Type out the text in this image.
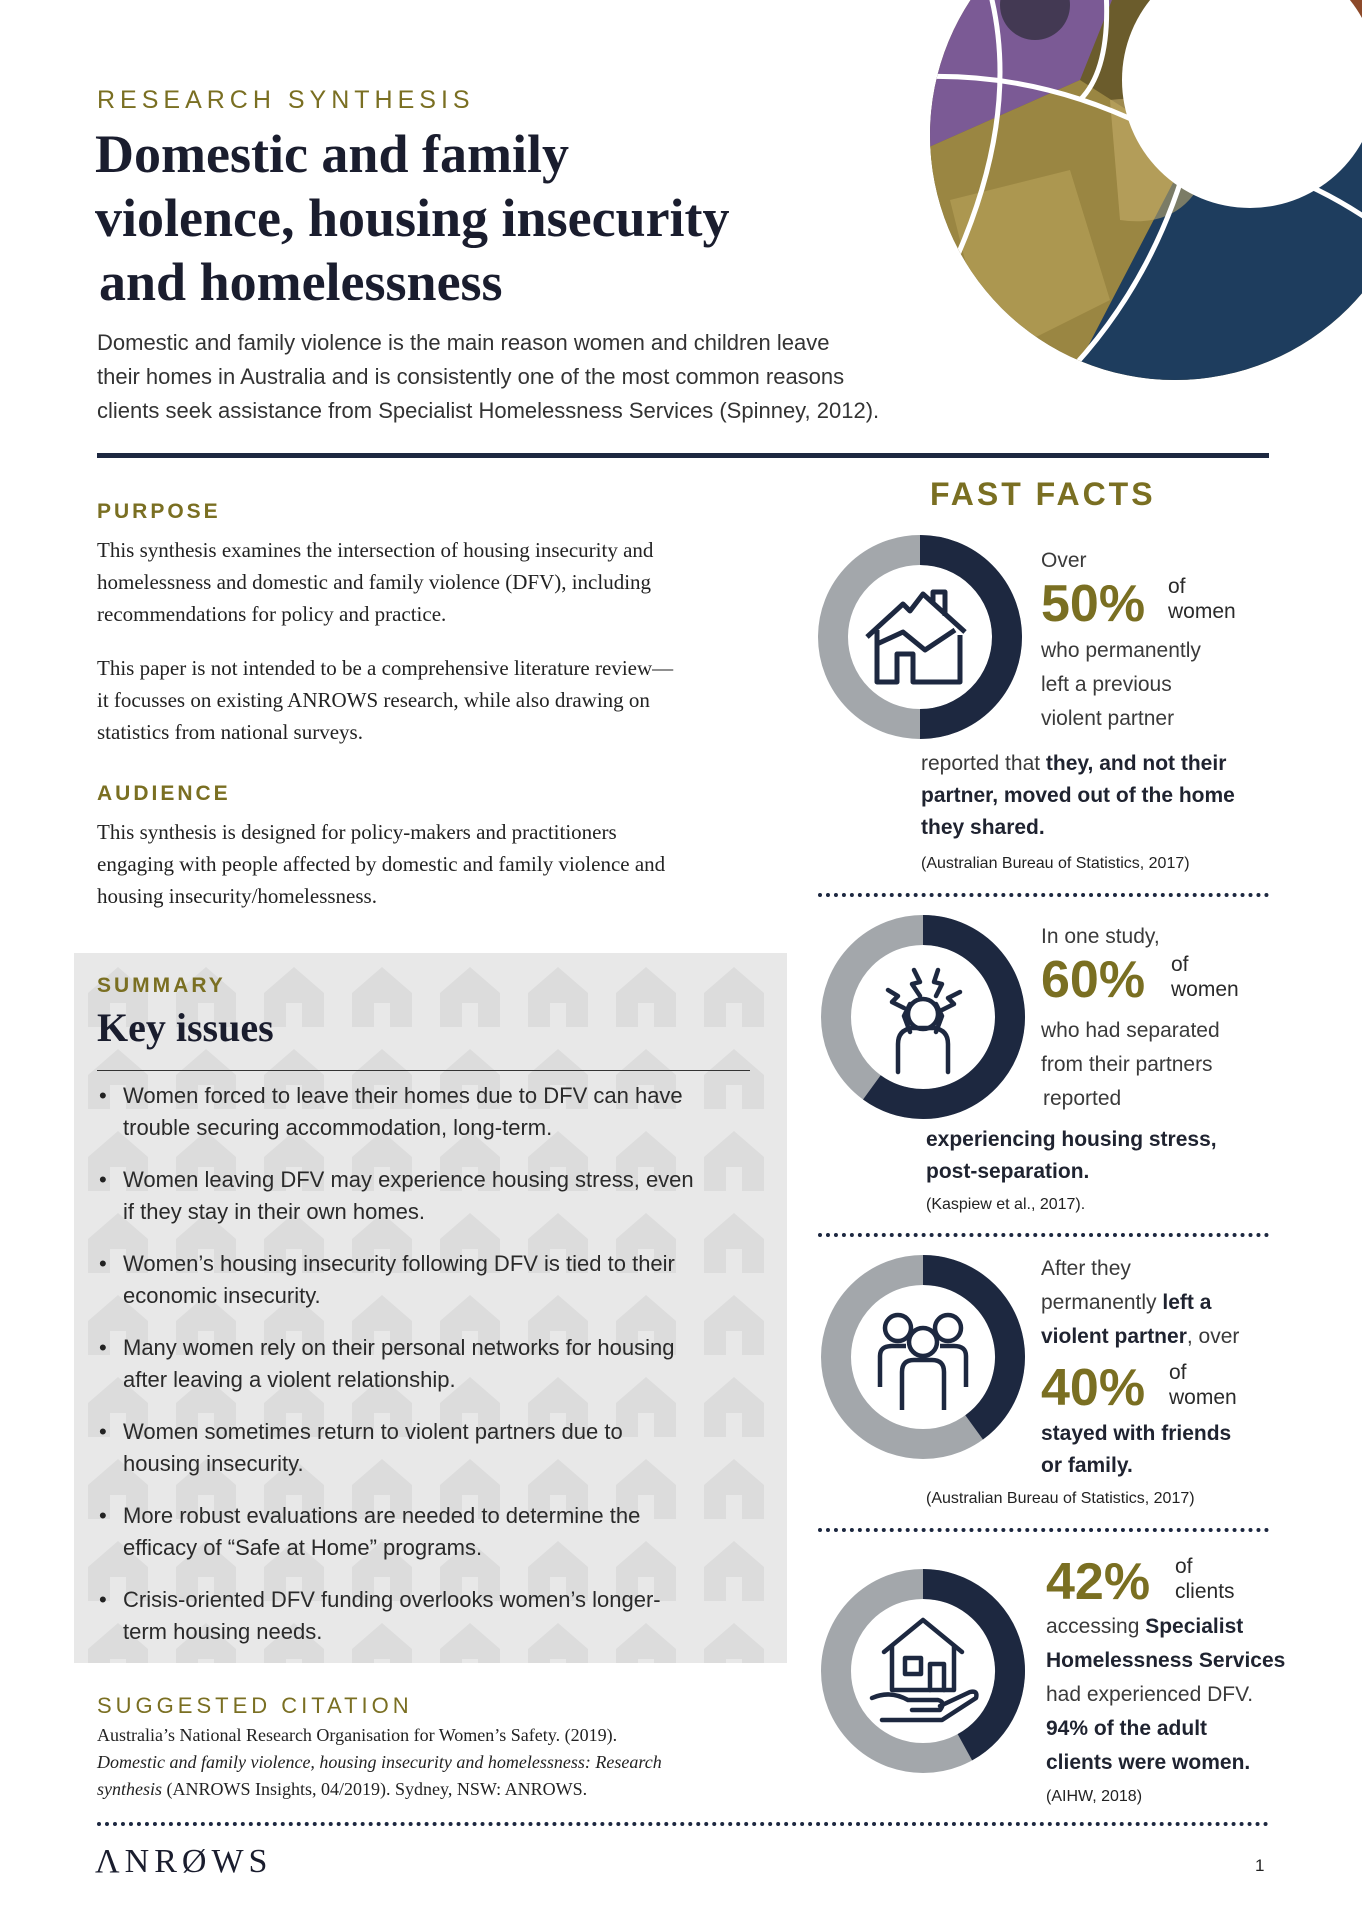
RESEARCH SYNTHESIS
Domestic and family
violence, housing insecurity
and homelessness
Domestic and family violence is the main reason women and children leave
their homes in Australia and is consistently one of the most common reasons
clients seek assistance from Specialist Homelessness Services (Spinney, 2012).
PURPOSE
This synthesis examines the intersection of housing insecurity and
homelessness and domestic and family violence (DFV), including
recommendations for policy and practice.
This paper is not intended to be a comprehensive literature review—
it focusses on existing ANROWS research, while also drawing on
statistics from national surveys.
AUDIENCE
This synthesis is designed for policy-makers and practitioners
engaging with people affected by domestic and family violence and
housing insecurity/homelessness.
SUMMARY
Key issues
• Women forced to leave their homes due to DFV can have
trouble securing accommodation, long-term.
• Women leaving DFV may experience housing stress, even
if they stay in their own homes.
• Women’s housing insecurity following DFV is tied to their
economic insecurity.
• Many women rely on their personal networks for housing
after leaving a violent relationship.
• Women sometimes return to violent partners due to
housing insecurity.
• More robust evaluations are needed to determine the
efficacy of “Safe at Home” programs.
• Crisis-oriented DFV funding overlooks women’s longer-
term housing needs.
SUGGESTED CITATION
Australia’s National Research Organisation for Women’s Safety. (2019).
Domestic and family violence, housing insecurity and homelessness: Research
synthesis (ANROWS Insights, 04/2019). Sydney, NSW: ANROWS.
ΛNRØWS	1
FAST FACTS
Over
50% of
women
who permanently
left a previous
violent partner
reported that they, and not their
partner, moved out of the home
they shared.
(Australian Bureau of Statistics, 2017)
In one study,
60% of
women
who had separated
from their partners
reported
experiencing housing stress,
post-separation.
(Kaspiew et al., 2017).
After they
permanently left a
violent partner, over
40% of
women
stayed with friends
or family.
(Australian Bureau of Statistics, 2017)
42% of
clients
accessing Specialist
Homelessness Services
had experienced DFV.
94% of the adult
clients were women.
(AIHW, 2018)
